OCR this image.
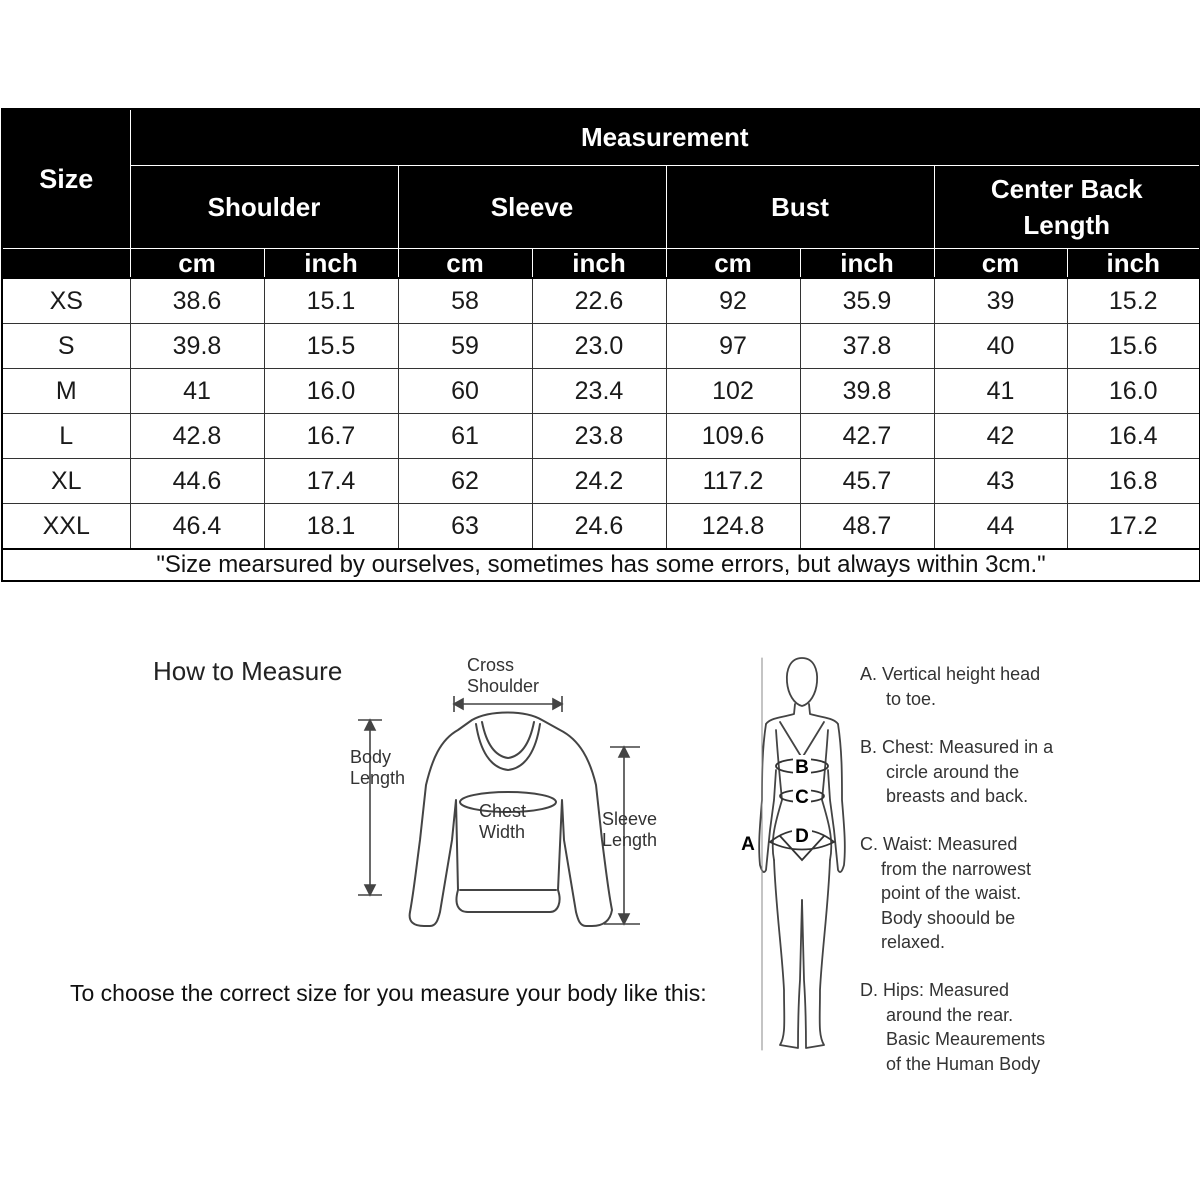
Size	Measurement							
	Shoulder		Sleeve		Bust		Center Back Length	
	cm	inch	cm	inch	cm	inch	cm	inch
XS	38.6	15.1	58	22.6	92	35.9	39	15.2
S	39.8	15.5	59	23.0	97	37.8	40	15.6
M	41	16.0	60	23.4	102	39.8	41	16.0
L	42.8	16.7	61	23.8	109.6	42.7	42	16.4
XL	44.6	17.4	62	24.2	117.2	45.7	43	16.8
XXL	46.4	18.1	63	24.6	124.8	48.7	44	17.2
"Size mearsured by ourselves, sometimes has some errors, but always within 3cm."								
How to Measure	Cross
Shoulder
Body
Length
Chest
Width
Sleeve
Length
To choose the correct size for you measure your body like this:
B
C
D
A
A. Vertical height head
to toe.
B. Chest: Measured in a
circle around the
breasts and back.
C. Waist: Measured
from the narrowest
point of the waist.
Body shoould be
relaxed.
D. Hips: Measured
around the rear.
Basic Meaurements
of the Human Body
